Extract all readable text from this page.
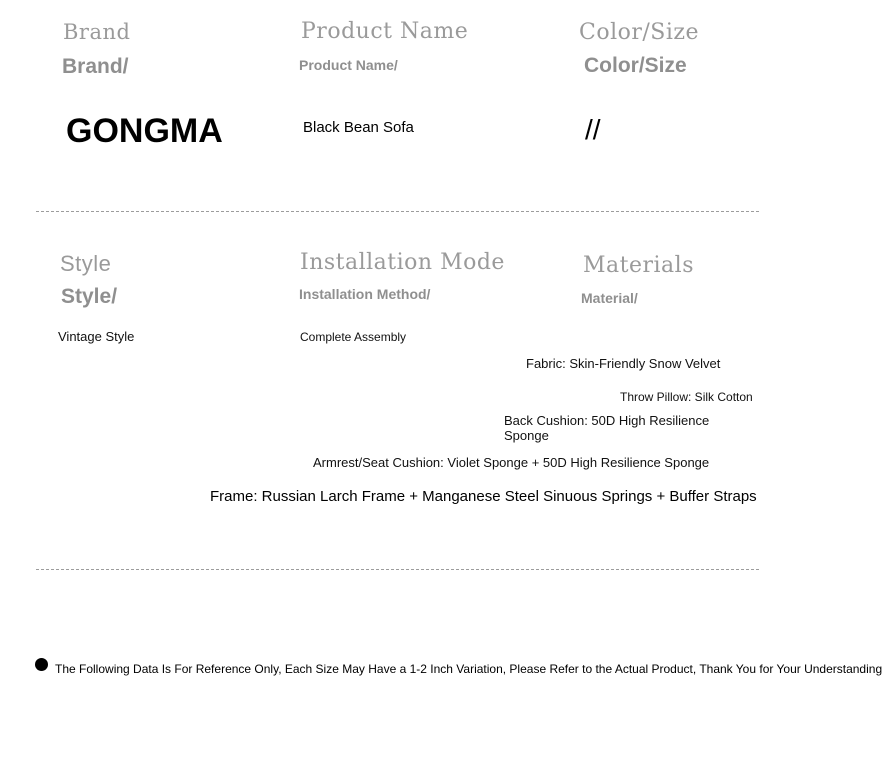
Brand
Brand/
GONGMA
Product Name
Product Name/
Black Bean Sofa
Color/Size
Color/Size
//
Style
Style/
Vintage Style
Installation Mode
Installation Method/
Complete Assembly
Materials
Material/
Fabric: Skin-Friendly Snow Velvet
Throw Pillow: Silk Cotton
Back Cushion: 50D High Resilience
Sponge
Armrest/Seat Cushion: Violet Sponge + 50D High Resilience Sponge
Frame: Russian Larch Frame + Manganese Steel Sinuous Springs + Buffer Straps
The Following Data Is For Reference Only, Each Size May Have a 1-2 Inch Variation, Please Refer to the Actual Product, Thank You for Your Understanding
